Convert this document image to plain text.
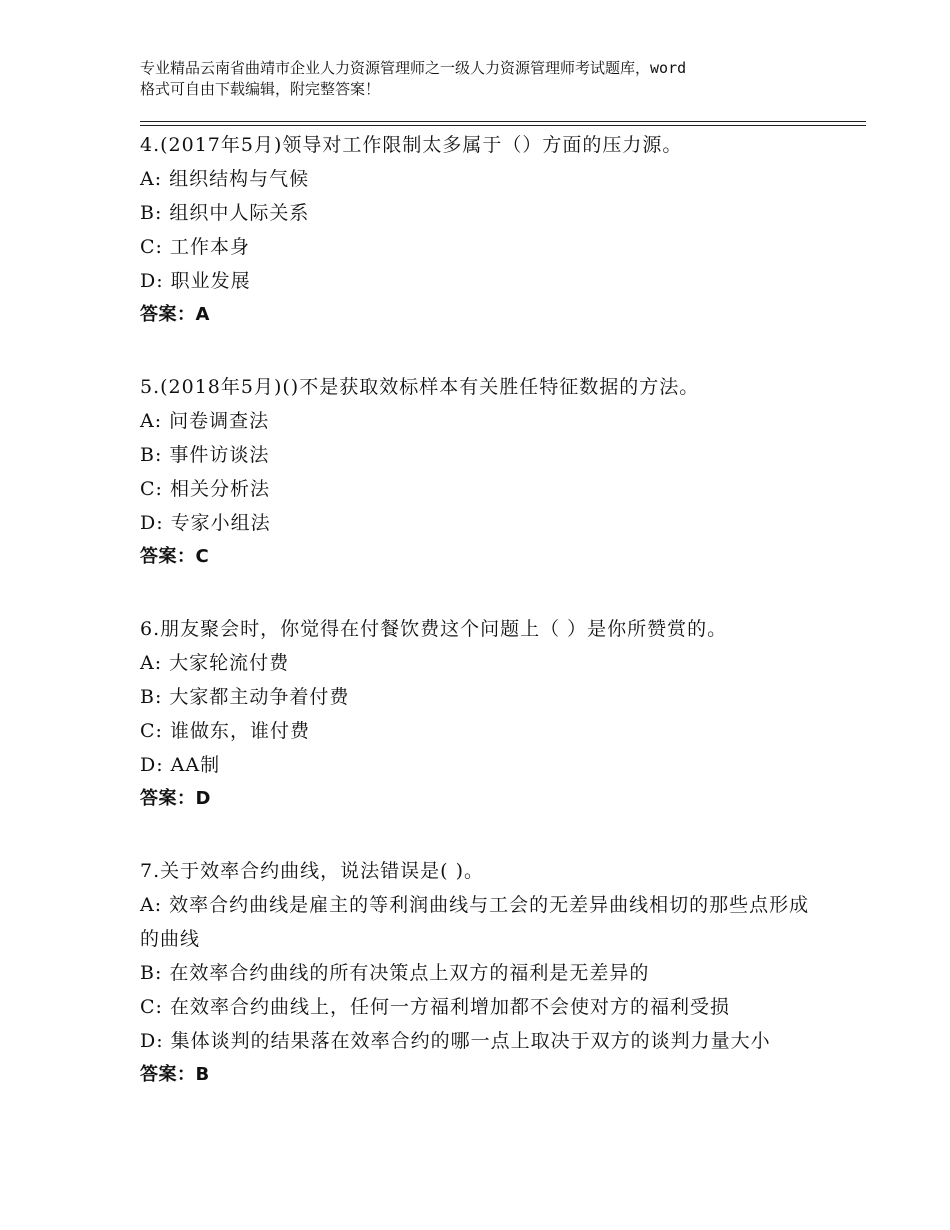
专业精品云南省曲靖市企业人力资源管理师之一级人力资源管理师考试题库，word
格式可自由下载编辑，附完整答案！
4.(2017年5月)领导对工作限制太多属于（）方面的压力源。
A: 组织结构与气候
B: 组织中人际关系
C: 工作本身
D: 职业发展
答案：A
5.(2018年5月)()不是获取效标样本有关胜任特征数据的方法。
A: 问卷调查法
B: 事件访谈法
C: 相关分析法
D: 专家小组法
答案：C
6.朋友聚会时，你觉得在付餐饮费这个问题上（ ）是你所赞赏的。
A: 大家轮流付费
B: 大家都主动争着付费
C: 谁做东，谁付费
D: AA制
答案：D
7.关于效率合约曲线，说法错误是( )。
A: 效率合约曲线是雇主的等利润曲线与工会的无差异曲线相切的那些点形成的曲线
B: 在效率合约曲线的所有决策点上双方的福利是无差异的
C: 在效率合约曲线上，任何一方福利增加都不会使对方的福利受损
D: 集体谈判的结果落在效率合约的哪一点上取决于双方的谈判力量大小
答案：B
